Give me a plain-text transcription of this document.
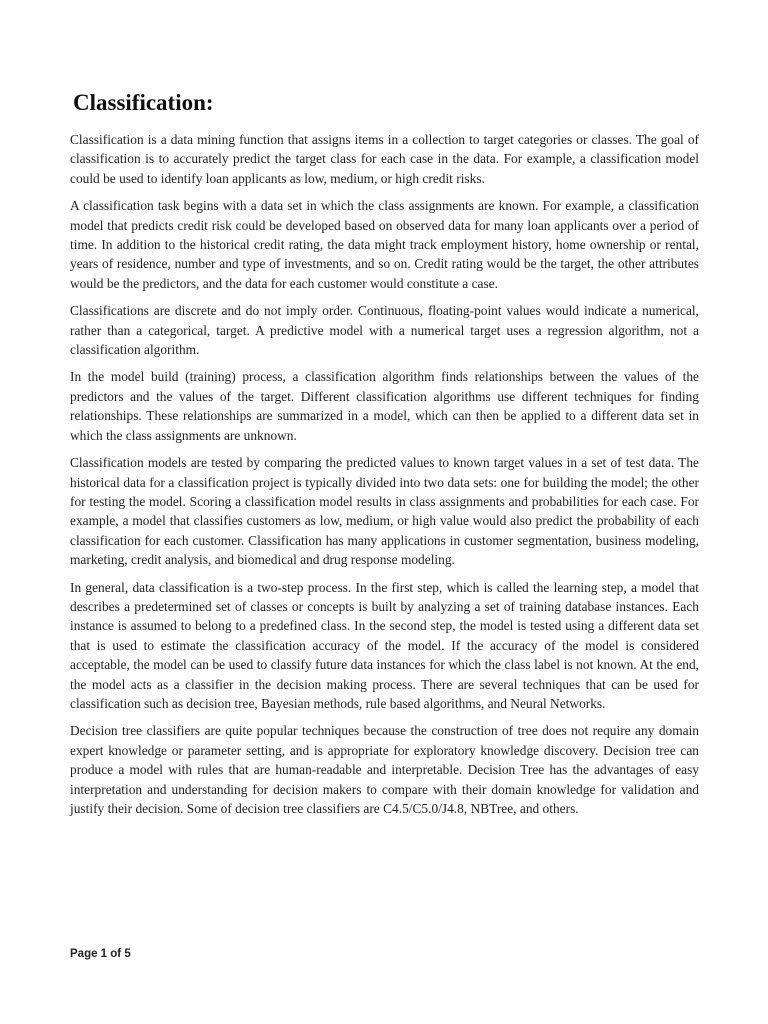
Classification:

Classification is a data mining function that assigns items in a collection to target categories or classes. The goal of classification is to accurately predict the target class for each case in the data. For example, a classification model could be used to identify loan applicants as low, medium, or high credit risks.

A classification task begins with a data set in which the class assignments are known. For example, a classification model that predicts credit risk could be developed based on observed data for many loan applicants over a period of time. In addition to the historical credit rating, the data might track employment history, home ownership or rental, years of residence, number and type of investments, and so on. Credit rating would be the target, the other attributes would be the predictors, and the data for each customer would constitute a case.

Classifications are discrete and do not imply order. Continuous, floating-point values would indicate a numerical, rather than a categorical, target. A predictive model with a numerical target uses a regression algorithm, not a classification algorithm.

In the model build (training) process, a classification algorithm finds relationships between the values of the predictors and the values of the target. Different classification algorithms use different techniques for finding relationships. These relationships are summarized in a model, which can then be applied to a different data set in which the class assignments are unknown.

Classification models are tested by comparing the predicted values to known target values in a set of test data. The historical data for a classification project is typically divided into two data sets: one for building the model; the other for testing the model. Scoring a classification model results in class assignments and probabilities for each case. For example, a model that classifies customers as low, medium, or high value would also predict the probability of each classification for each customer. Classification has many applications in customer segmentation, business modeling, marketing, credit analysis, and biomedical and drug response modeling.

In general, data classification is a two-step process. In the first step, which is called the learning step, a model that describes a predetermined set of classes or concepts is built by analyzing a set of training database instances. Each instance is assumed to belong to a predefined class. In the second step, the model is tested using a different data set that is used to estimate the classification accuracy of the model. If the accuracy of the model is considered acceptable, the model can be used to classify future data instances for which the class label is not known. At the end, the model acts as a classifier in the decision making process. There are several techniques that can be used for classification such as decision tree, Bayesian methods, rule based algorithms, and Neural Networks.

Decision tree classifiers are quite popular techniques because the construction of tree does not require any domain expert knowledge or parameter setting, and is appropriate for exploratory knowledge discovery. Decision tree can produce a model with rules that are human-readable and interpretable. Decision Tree has the advantages of easy interpretation and understanding for decision makers to compare with their domain knowledge for validation and justify their decision. Some of decision tree classifiers are C4.5/C5.0/J4.8, NBTree, and others.

Page 1 of 5
